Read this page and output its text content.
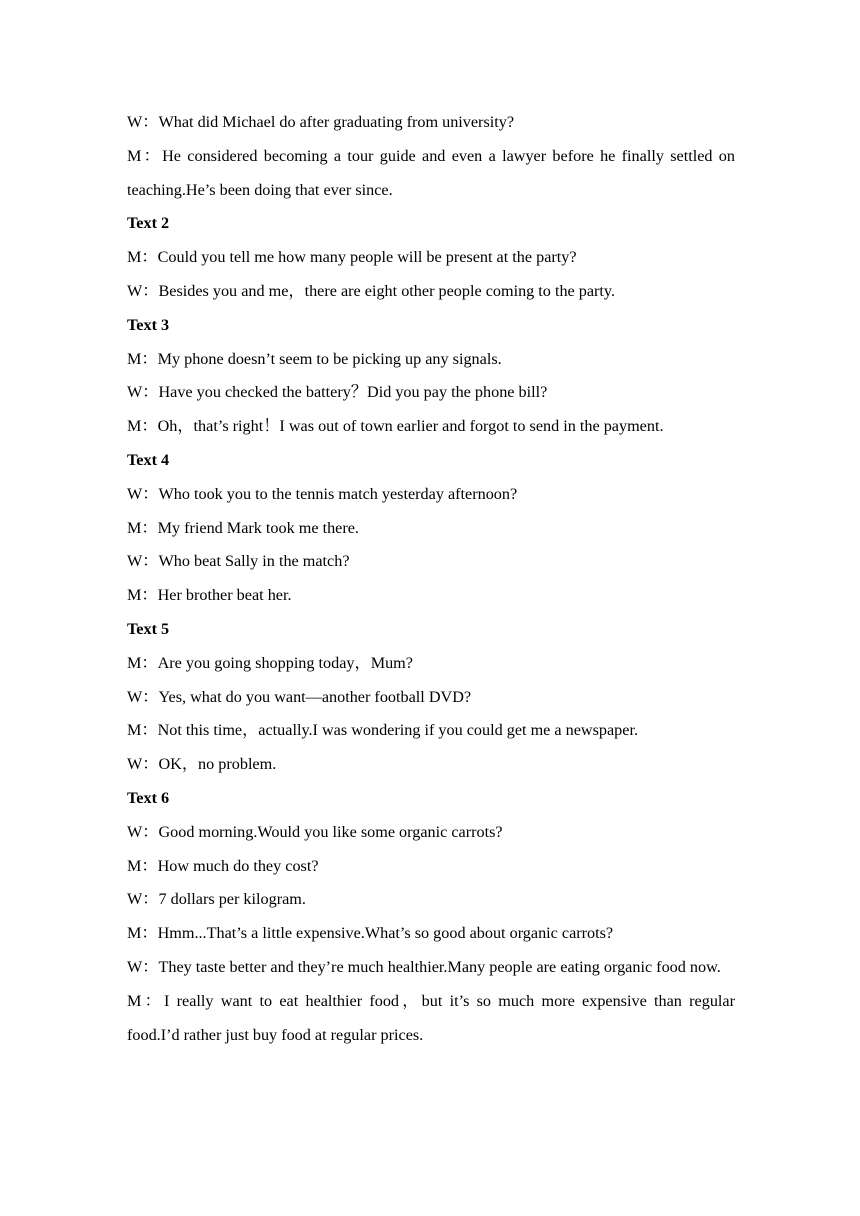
W：What did Michael do after graduating from university?

M：He considered becoming a tour guide and even a lawyer before he finally settled on teaching.He’s been doing that ever since.

Text 2

M：Could you tell me how many people will be present at the party?

W：Besides you and me，there are eight other people coming to the party.

Text 3

M：My phone doesn’t seem to be picking up any signals.

W：Have you checked the battery？Did you pay the phone bill?

M：Oh，that’s right！I was out of town earlier and forgot to send in the payment.

Text 4

W：Who took you to the tennis match yesterday afternoon?

M：My friend Mark took me there.

W：Who beat Sally in the match?

M：Her brother beat her.

Text 5

M：Are you going shopping today，Mum?

W：Yes, what do you want—another football DVD?

M：Not this time，actually.I was wondering if you could get me a newspaper.

W：OK，no problem.

Text 6

W：Good morning.Would you like some organic carrots?

M：How much do they cost?

W：7 dollars per kilogram.

M：Hmm...That’s a little expensive.What’s so good about organic carrots?

W：They taste better and they’re much healthier.Many people are eating organic food now.

M：I really want to eat healthier food，but it’s so much more expensive than regular food.I’d rather just buy food at regular prices.
